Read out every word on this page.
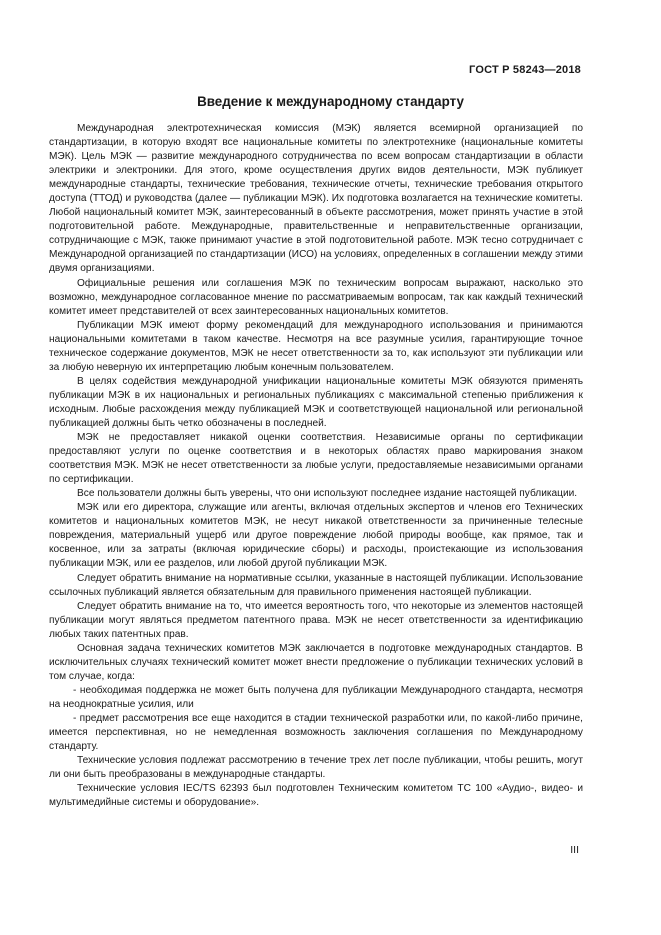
ГОСТ Р 58243—2018
Введение к международному стандарту

Международная электротехническая комиссия (МЭК) является всемирной организацией по стандартизации, в которую входят все национальные комитеты по электротехнике (национальные комитеты МЭК). Цель МЭК — развитие международного сотрудничества по всем вопросам стандартизации в области электрики и электроники. Для этого, кроме осуществления других видов деятельности, МЭК публикует международные стандарты, технические требования, технические отчеты, технические требования открытого доступа (ТТОД) и руководства (далее — публикации МЭК). Их подготовка возлагается на технические комитеты. Любой национальный комитет МЭК, заинтересованный в объекте рассмотрения, может принять участие в этой подготовительной работе. Международные, правительственные и неправительственные организации, сотрудничающие с МЭК, также принимают участие в этой подготовительной работе. МЭК тесно сотрудничает с Международной организацией по стандартизации (ИСО) на условиях, определенных в соглашении между этими двумя организациями.

Официальные решения или соглашения МЭК по техническим вопросам выражают, насколько это возможно, международное согласованное мнение по рассматриваемым вопросам, так как каждый технический комитет имеет представителей от всех заинтересованных национальных комитетов.

Публикации МЭК имеют форму рекомендаций для международного использования и принимаются национальными комитетами в таком качестве. Несмотря на все разумные усилия, гарантирующие точное техническое содержание документов, МЭК не несет ответственности за то, как используют эти публикации или за любую неверную их интерпретацию любым конечным пользователем.

В целях содействия международной унификации национальные комитеты МЭК обязуются применять публикации МЭК в их национальных и региональных публикациях с максимальной степенью приближения к исходным. Любые расхождения между публикацией МЭК и соответствующей национальной или региональной публикацией должны быть четко обозначены в последней.

МЭК не предоставляет никакой оценки соответствия. Независимые органы по сертификации предоставляют услуги по оценке соответствия и в некоторых областях право маркирования знаком соответствия МЭК. МЭК не несет ответственности за любые услуги, предоставляемые независимыми органами по сертификации.

Все пользователи должны быть уверены, что они используют последнее издание настоящей публикации.

МЭК или его директора, служащие или агенты, включая отдельных экспертов и членов его Технических комитетов и национальных комитетов МЭК, не несут никакой ответственности за причиненные телесные повреждения, материальный ущерб или другое повреждение любой природы вообще, как прямое, так и косвенное, или за затраты (включая юридические сборы) и расходы, проистекающие из использования публикации МЭК, или ее разделов, или любой другой публикации МЭК.

Следует обратить внимание на нормативные ссылки, указанные в настоящей публикации. Использование ссылочных публикаций является обязательным для правильного применения настоящей публикации.

Следует обратить внимание на то, что имеется вероятность того, что некоторые из элементов настоящей публикации могут являться предметом патентного права. МЭК не несет ответственности за идентификацию любых таких патентных прав.

Основная задача технических комитетов МЭК заключается в подготовке международных стандартов. В исключительных случаях технический комитет может внести предложение о публикации технических условий в том случае, когда:

- необходимая поддержка не может быть получена для публикации Международного стандарта, несмотря на неоднократные усилия, или

- предмет рассмотрения все еще находится в стадии технической разработки или, по какой-либо причине, имеется перспективная, но не немедленная возможность заключения соглашения по Международному стандарту.

Технические условия подлежат рассмотрению в течение трех лет после публикации, чтобы решить, могут ли они быть преобразованы в международные стандарты.

Технические условия IEC/TS 62393 был подготовлен Техническим комитетом ТС 100 «Аудио-, видео- и мультимедийные системы и оборудование».

III
